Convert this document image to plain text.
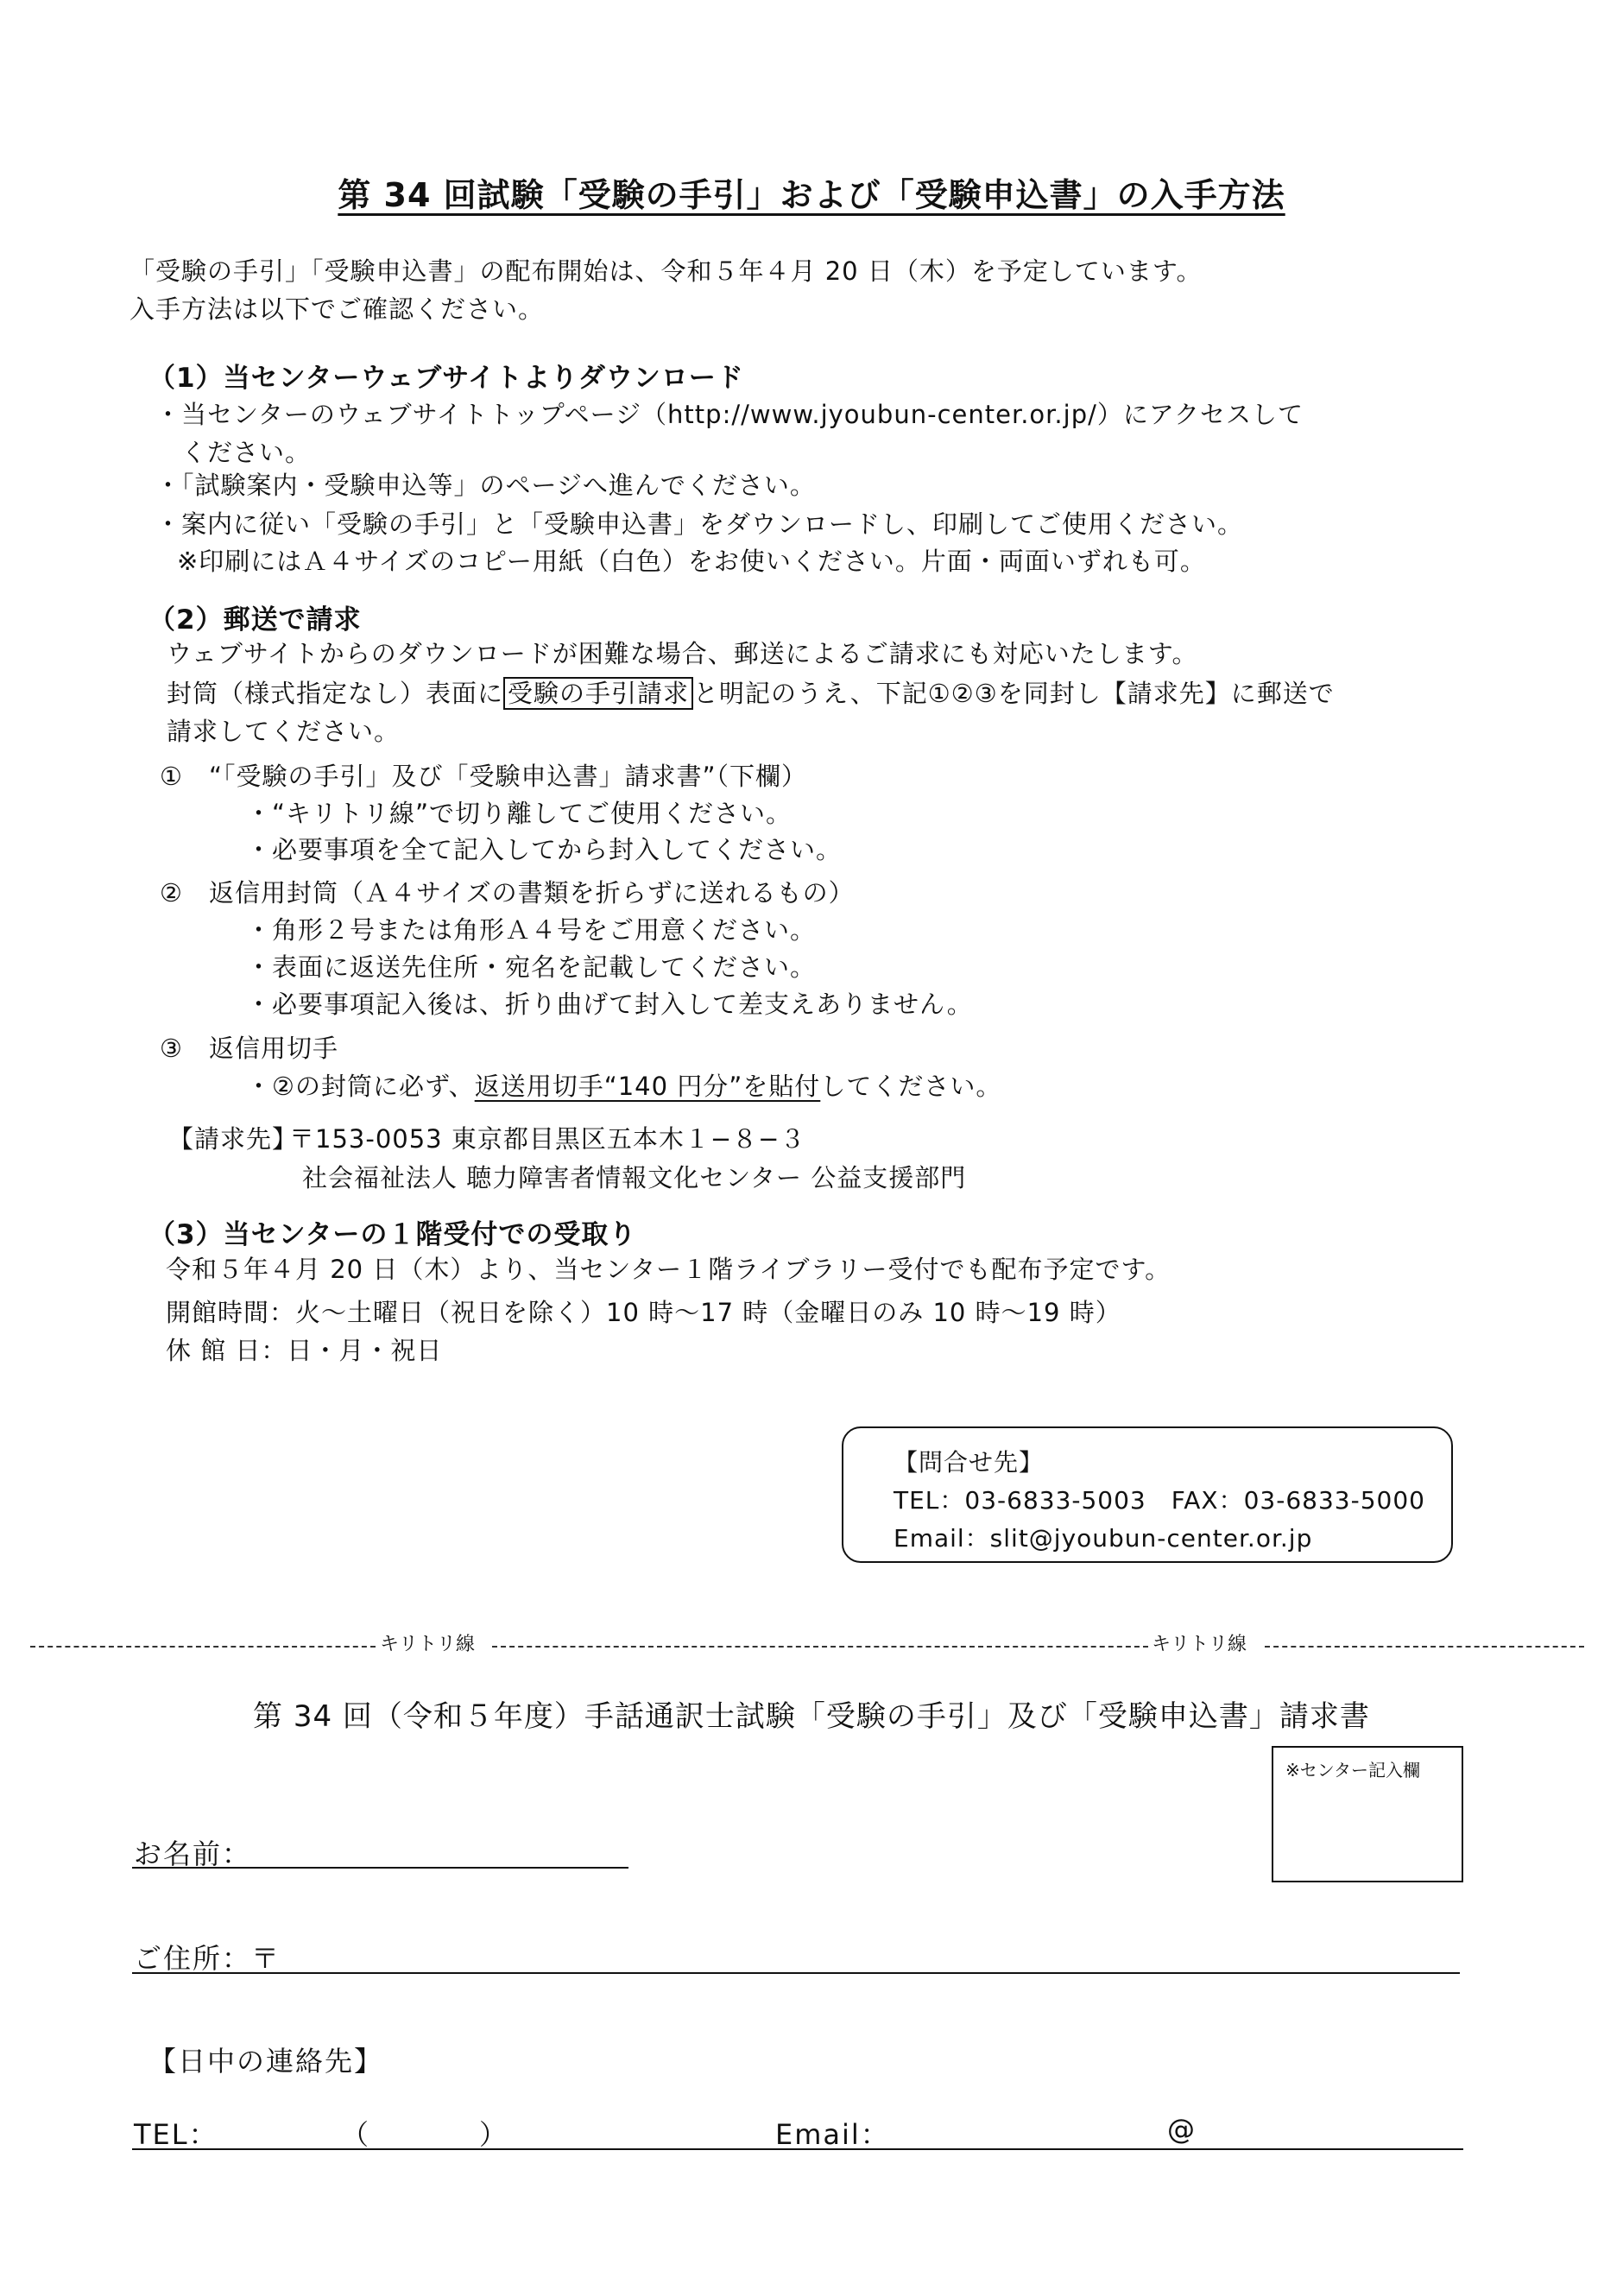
第 34 回試験「受験の手引」および「受験申込書」の入手方法
「受験の手引」「受験申込書」の配布開始は、令和５年４月 20 日（木）を予定しています。
入手方法は以下でご確認ください。
（1）当センターウェブサイトよりダウンロード
・当センターのウェブサイトトップページ（http://www.jyoubun-center.or.jp/）にアクセスして
ください。
・「試験案内・受験申込等」のページへ進んでください。
・案内に従い「受験の手引」と「受験申込書」をダウンロードし、印刷してご使用ください。
※印刷にはＡ４サイズのコピー用紙（白色）をお使いください。片面・両面いずれも可。
（2）郵送で請求
ウェブサイトからのダウンロードが困難な場合、郵送によるご請求にも対応いたします。
封筒（様式指定なし）表面に 受験の手引請求 と明記のうえ、下記①②③を同封し【請求先】に郵送で
請求してください。
①　“「受験の手引」及び「受験申込書」請求書”（下欄）
・“キリトリ線”で切り離してご使用ください。
・必要事項を全て記入してから封入してください。
②　返信用封筒（Ａ４サイズの書類を折らずに送れるもの）
・角形２号または角形Ａ４号をご用意ください。
・表面に返送先住所・宛名を記載してください。
・必要事項記入後は、折り曲げて封入して差支えありません。
③　返信用切手
・②の封筒に必ず、返送用切手“140 円分”を貼付してください。
【請求先】
〒153-0053 東京都目黒区五本木１−８−３
社会福祉法人 聴力障害者情報文化センター 公益支援部門
（3）当センターの１階受付での受取り
令和５年４月 20 日（木）より、当センター１階ライブラリー受付でも配布予定です。
開館時間：火〜土曜日（祝日を除く）10 時〜17 時（金曜日のみ 10 時〜19 時）
休 館 日：日・月・祝日
【問合せ先】
TEL：03-6833-5003　FAX：03-6833-5000
Email：slit@jyoubun-center.or.jp
キリトリ線	キリトリ線
第 34 回（令和５年度）手話通訳士試験「受験の手引」及び「受験申込書」請求書
※センター記入欄
お名前：
ご住所：〒
【日中の連絡先】
TEL：	（	）	Email：	@
